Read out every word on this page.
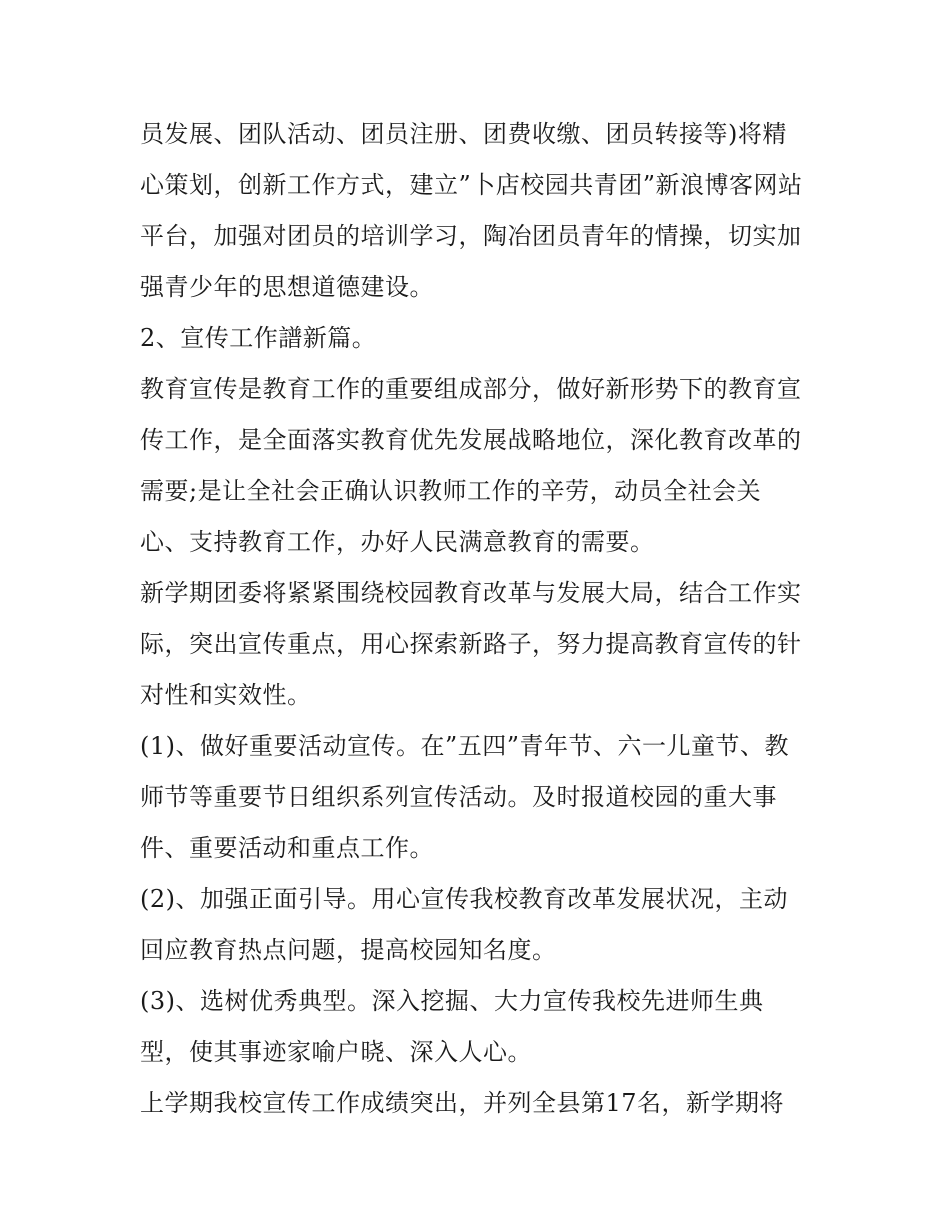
员发展、团队活动、团员注册、团费收缴、团员转接等)将精
心策划，创新工作方式，建立”卜店校园共青团”新浪博客网站
平台，加强对团员的培训学习，陶冶团员青年的情操，切实加
强青少年的思想道德建设。
2、宣传工作譜新篇。
教育宣传是教育工作的重要组成部分，做好新形势下的教育宣
传工作，是全面落实教育优先发展战略地位，深化教育改革的
需要;是让全社会正确认识教师工作的辛劳，动员全社会关
心、支持教育工作，办好人民满意教育的需要。
新学期团委将紧紧围绕校园教育改革与发展大局，结合工作实
际，突出宣传重点，用心探索新路子，努力提高教育宣传的针
对性和实效性。
(1)、做好重要活动宣传。在”五四”青年节、六一儿童节、教
师节等重要节日组织系列宣传活动。及时报道校园的重大事
件、重要活动和重点工作。
(2)、加强正面引导。用心宣传我校教育改革发展状况，主动
回应教育热点问题，提高校园知名度。
(3)、选树优秀典型。深入挖掘、大力宣传我校先进师生典
型，使其事迹家喻户晓、深入人心。
上学期我校宣传工作成绩突出，并列全县第17名，新学期将
